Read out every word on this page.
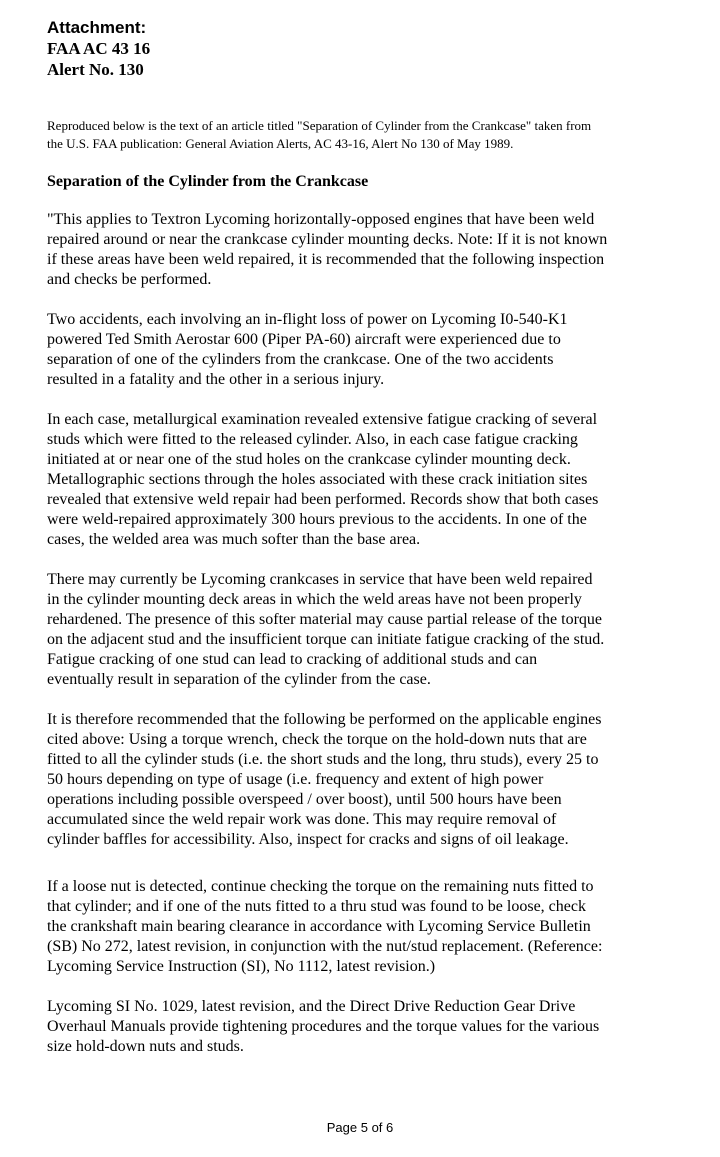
Attachment:
FAA AC 43 16
Alert No. 130
Reproduced below is the text of an article titled "Separation of Cylinder from the Crankcase" taken from
the U.S. FAA publication: General Aviation Alerts, AC 43-16, Alert No 130 of May 1989.
Separation of the Cylinder from the Crankcase
"This applies to Textron Lycoming horizontally-opposed engines that have been weld
repaired around or near the crankcase cylinder mounting decks. Note: If it is not known
if these areas have been weld repaired, it is recommended that the following inspection
and checks be performed.
Two accidents, each involving an in-flight loss of power on Lycoming I0-540-K1
powered Ted Smith Aerostar 600 (Piper PA-60) aircraft were experienced due to
separation of one of the cylinders from the crankcase. One of the two accidents
resulted in a fatality and the other in a serious injury.
In each case, metallurgical examination revealed extensive fatigue cracking of several
studs which were fitted to the released cylinder. Also, in each case fatigue cracking
initiated at or near one of the stud holes on the crankcase cylinder mounting deck.
Metallographic sections through the holes associated with these crack initiation sites
revealed that extensive weld repair had been performed. Records show that both cases
were weld-repaired approximately 300 hours previous to the accidents. In one of the
cases, the welded area was much softer than the base area.
There may currently be Lycoming crankcases in service that have been weld repaired
in the cylinder mounting deck areas in which the weld areas have not been properly
rehardened. The presence of this softer material may cause partial release of the torque
on the adjacent stud and the insufficient torque can initiate fatigue cracking of the stud.
Fatigue cracking of one stud can lead to cracking of additional studs and can
eventually result in separation of the cylinder from the case.
It is therefore recommended that the following be performed on the applicable engines
cited above: Using a torque wrench, check the torque on the hold-down nuts that are
fitted to all the cylinder studs (i.e. the short studs and the long, thru studs), every 25 to
50 hours depending on type of usage (i.e. frequency and extent of high power
operations including possible overspeed / over boost), until 500 hours have been
accumulated since the weld repair work was done. This may require removal of
cylinder baffles for accessibility. Also, inspect for cracks and signs of oil leakage.
If a loose nut is detected, continue checking the torque on the remaining nuts fitted to
that cylinder; and if one of the nuts fitted to a thru stud was found to be loose, check
the crankshaft main bearing clearance in accordance with Lycoming Service Bulletin
(SB) No 272, latest revision, in conjunction with the nut/stud replacement. (Reference:
Lycoming Service Instruction (SI), No 1112, latest revision.)
Lycoming SI No. 1029, latest revision, and the Direct Drive Reduction Gear Drive
Overhaul Manuals provide tightening procedures and the torque values for the various
size hold-down nuts and studs.
Page 5 of 6
